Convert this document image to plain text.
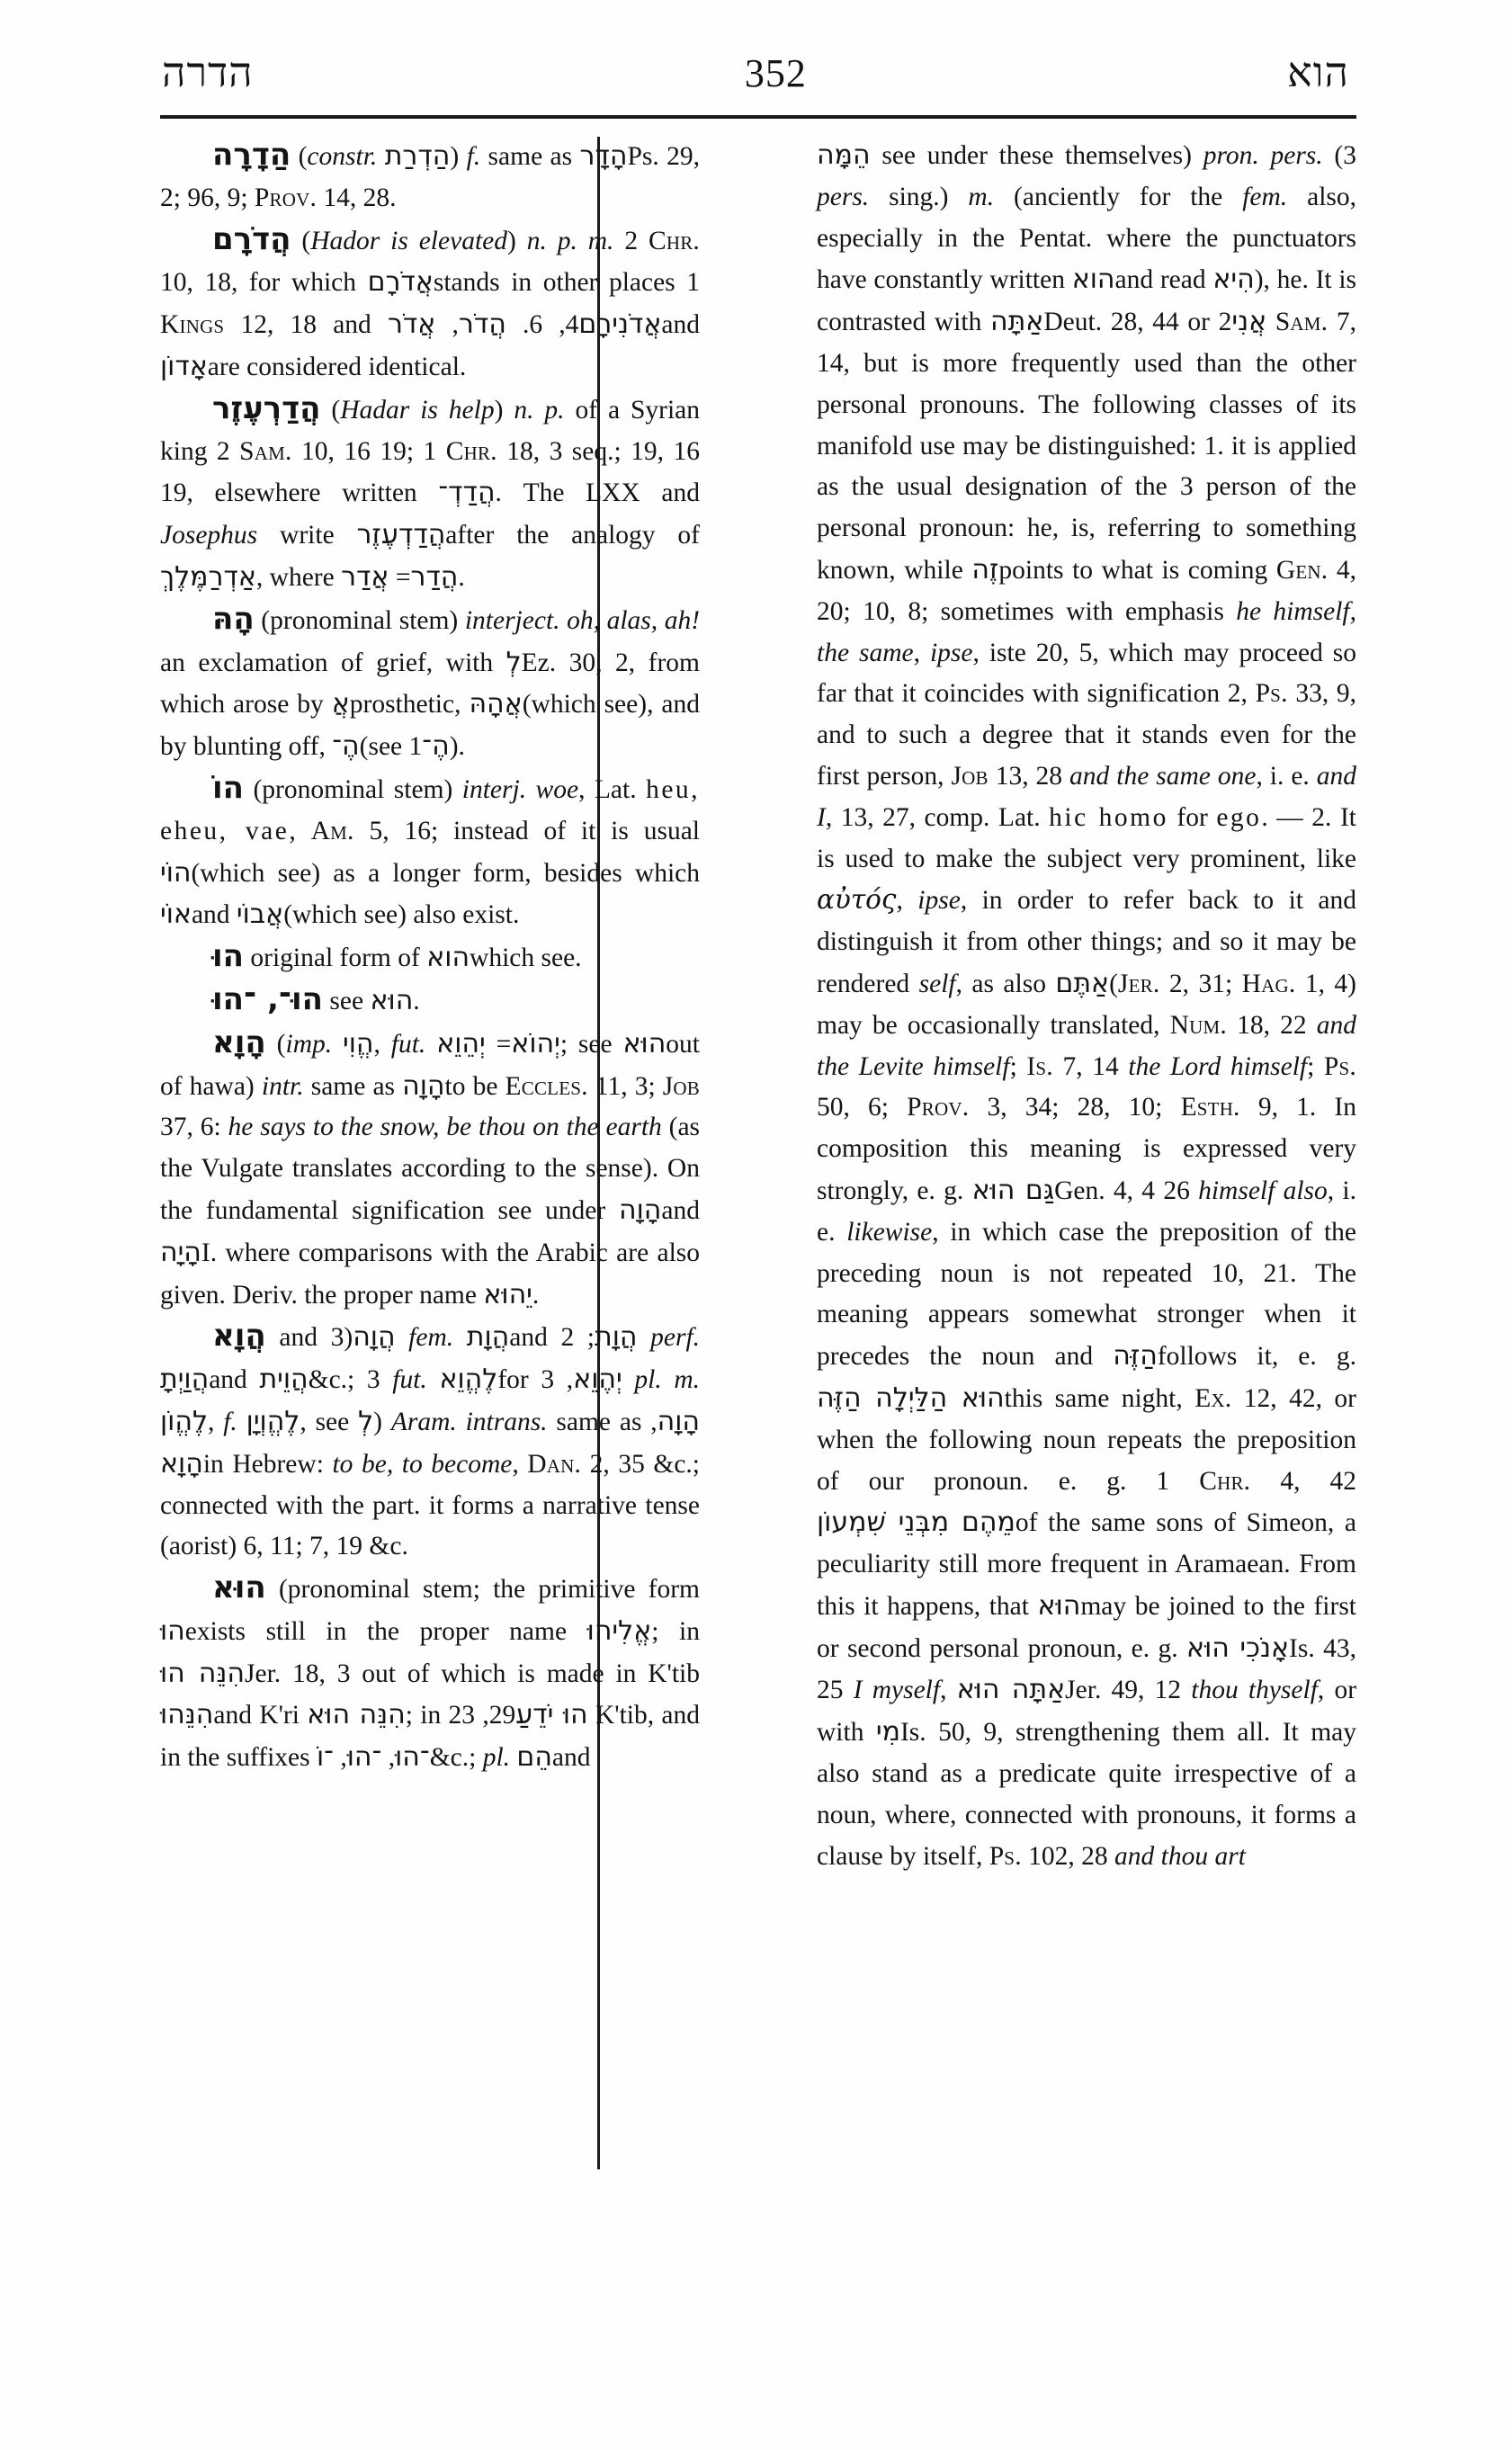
הדרה	352	הוא

הַדָרָה (constr. הַדְרַת) f. same as הָדָרPs. 29, 2; 96, 9; Prov. 14, 28.

הֲדֹרָם (Hador is elevated) n. p. m. 2 Chr. 10, 18, for which אֲדֹרָםstands in other places 1 Kings 12, 18 and	אֲדֹנִירָם4, 6. הֲדֹר, אֲדֹר	and אָדוֹןare considered identical.

הֲדַרְעֶזֶר (Hadar is help) n. p. of a Syrian king 2 Sam. 10, 16 19; 1 Chr. 18, 3 seq.; 19, 16 19, elsewhere written הֲדַדְ־. The LXX and Josephus write הֲדַדְעֶזֶרafter the analogy of אַדְרַמֶּלֶךְ, where	הֲדַר= אֲדַר	.

הָהּ (pronominal stem) interject. oh, alas, ah! an exclamation of grief, with לְEz. 30, 2, from which arose by אֲprosthetic, אֲהָהּ(which see), and by blunting off, הֶ־(see הֶ־1).

הוֹ (pronominal stem) interj. woe, Lat. heu, eheu, vae, Am. 5, 16; instead of it is usual הוֹי(which see) as a longer form, besides which אוֹיand אֲבוֹי(which see) also exist.

הוּ original form of הואwhich see.

הוּ־, ־הוּ see הוּא.

הָוָא (imp. הֱוִי, fut.	יְהוֹא= יְהֵוֵא	; see הוּאout of hawa) intr. same as הָוָהto be Eccles. 11, 3; Job 37, 6: he says to the snow, be thou on the earth (as the Vulgate translates according to the sense). On the fundamental signification see under הָוָהand הָיָהI. where comparisons with the Arabic are also given. Deriv. the proper name יֵהוּא.

הֲוָא and הֲוָה(3 fem. הֲוָתand הֲוָת; 2 perf. הֲוַיְתָand הֲוֵית&c.; 3 fut. לֶהֱוֵאfor יְהֶוֵא, 3 pl. m. לֶהֱוֹן, f. לֶהֱוְיָן, see לְ) Aram. intrans. same as הָוָה, הָוָאin Hebrew: to be, to become, Dan. 2, 35 &c.; connected with the part. it forms a narrative tense (aorist) 6, 11; 7, 19 &c.

הוּא (pronominal stem; the primitive form הוּexists still in the proper name אֱלִיהוּ; in הִנֵּה הוּJer. 18, 3 out of which is made in K'tib הִנֵּהוּand K'ri הִנֵּה הוּא; in הוּ יֹדֵעַ29, 23 K'tib, and in the suffixes	־הוּ, ־הוּ, ־וֹ	&c.; pl. הֵםand

הֵמָּה see under these themselves) pron. pers. (3 pers. sing.) m. (anciently for the fem. also, especially in the Pentat. where the punctuators have constantly written הואand read הִיא), he. It is contrasted with אַתָּהDeut. 28, 44 or אֲנִי2 Sam. 7, 14, but is more frequently used than the other personal pronouns. The following classes of its manifold use may be distinguished: 1. it is applied as the usual designation of the 3 person of the personal pronoun: he, is, referring to something known, while זֶהpoints to what is coming Gen. 4, 20; 10, 8; sometimes with emphasis he himself, the same, ipse, iste 20, 5, which may proceed so far that it coincides with signification 2, Ps. 33, 9, and to such a degree that it stands even for the first person, Job 13, 28 and the same one, i. e. and I, 13, 27, comp. Lat. hic homo for ego. — 2. It is used to make the subject very prominent, like αὐτός, ipse, in order to refer back to it and distinguish it from other things; and so it may be rendered self, as also אַתֶּם(Jer. 2, 31; Hag. 1, 4) may be occasionally translated, Num. 18, 22 and the Levite himself; Is. 7, 14 the Lord himself; Ps. 50, 6; Prov. 3, 34; 28, 10; Esth. 9, 1. In composition this meaning is expressed very strongly, e. g. גַּם הוּאGen. 4, 4 26 himself also, i. e. likewise, in which case the preposition of the preceding noun is not repeated 10, 21. The meaning appears somewhat stronger when it precedes the noun and הַזֶּהfollows it, e. g. הוּא הַלַּיְלָה הַזֶּהthis same night, Ex. 12, 42, or when the following noun repeats the preposition of our pronoun. e. g. 1 Chr. 4, 42 מֵהֶם מִבְּנֵי שִׁמְעוֹןof the same sons of Simeon, a peculiarity still more frequent in Aramaean. From this it happens, that הוּאmay be joined to the first or second personal pronoun, e. g. אָנֹכִי הוּאIs. 43, 25 I myself, אַתָּה הוּאJer. 49, 12 thou thyself, or with מִיIs. 50, 9, strengthening them all. It may also stand as a predicate quite irrespective of a noun, where, connected with pronouns, it forms a clause by itself, Ps. 102, 28 and thou art
